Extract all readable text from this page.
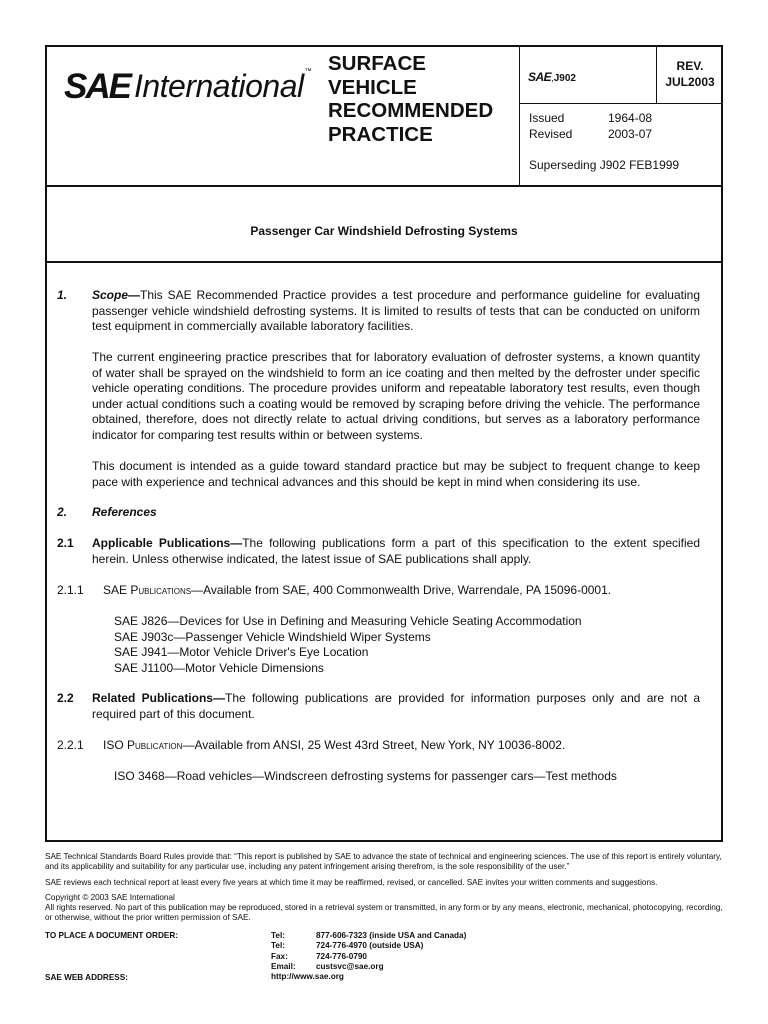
SAE International ™ SURFACE
VEHICLE
RECOMMENDED
PRACTICE
SAE,J902
REV.
JUL2003
Issued	1964-08
Revised	2003-07
Superseding J902 FEB1999
Passenger Car Windshield Defrosting Systems
1. Scope—This SAE Recommended Practice provides a test procedure and performance guideline for evaluating passenger vehicle windshield defrosting systems. It is limited to results of tests that can be conducted on uniform test equipment in commercially available laboratory facilities.
The current engineering practice prescribes that for laboratory evaluation of defroster systems, a known quantity of water shall be sprayed on the windshield to form an ice coating and then melted by the defroster under specific vehicle operating conditions. The procedure provides uniform and repeatable laboratory test results, even though under actual conditions such a coating would be removed by scraping before driving the vehicle. The performance obtained, therefore, does not directly relate to actual driving conditions, but serves as a laboratory performance indicator for comparing test results within or between systems.
This document is intended as a guide toward standard practice but may be subject to frequent change to keep pace with experience and technical advances and this should be kept in mind when considering its use.
2. References
2.1 Applicable Publications—The following publications form a part of this specification to the extent specified herein. Unless otherwise indicated, the latest issue of SAE publications shall apply.
2.1.1 SAE Publications—Available from SAE, 400 Commonwealth Drive, Warrendale, PA 15096-0001.
SAE J826—Devices for Use in Defining and Measuring Vehicle Seating Accommodation
SAE J903c—Passenger Vehicle Windshield Wiper Systems
SAE J941—Motor Vehicle Driver's Eye Location
SAE J1100—Motor Vehicle Dimensions
2.2 Related Publications—The following publications are provided for information purposes only and are not a required part of this document.
2.2.1 ISO Publication—Available from ANSI, 25 West 43rd Street, New York, NY 10036-8002.
ISO 3468—Road vehicles—Windscreen defrosting systems for passenger cars—Test methods
SAE Technical Standards Board Rules provide that: “This report is published by SAE to advance the state of technical and engineering sciences. The use of this report is entirely voluntary, and its applicability and suitability for any particular use, including any patent infringement arising therefrom, is the sole responsibility of the user.”
SAE reviews each technical report at least every five years at which time it may be reaffirmed, revised, or cancelled. SAE invites your written comments and suggestions.
Copyright © 2003 SAE International
All rights reserved. No part of this publication may be reproduced, stored in a retrieval system or transmitted, in any form or by any means, electronic, mechanical, photocopying, recording, or otherwise, without the prior written permission of SAE.
TO PLACE A DOCUMENT ORDER:
SAE WEB ADDRESS:
Tel:
Tel:
Fax:
Email:
http://www.sae.org
877-606-7323 (inside USA and Canada)
724-776-4970 (outside USA)
724-776-0790
custsvc@sae.org
